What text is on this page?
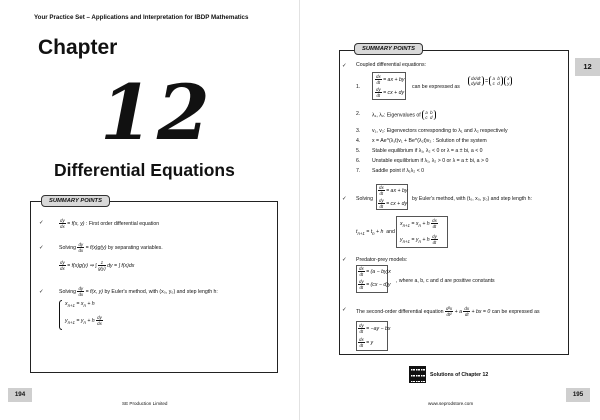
Your Practice Set – Applications and Interpretation for IBDP Mathematics
Chapter
12
Differential Equations
SUMMARY POINTS
✓	$\frac{dy}{dx} = f(x$, y) : First order differential equation
✓	Solving $\frac{dy}{dx} = f(x)g(y)$ by separating variables.
$\frac{dy}{dx} = f(x)g(y)$ ⇒ ∫ $\frac{1}{g(y)}$ dy = ∫ f(x)dx
✓	Solving $\frac{dy}{dx} = f(x$, y) by Euler's method, with (x₀, y₀) and step length h:
$x_{n+1} = x_n + h$
$y_{n+1} = y_n + h \frac{dy}{dx}$
194
SE Production Limited
12
SUMMARY POINTS
✓ Coupled differential equations:
1.
$\frac{dx}{dt}$ = ax + by
$\frac{dy}{dt}$ = cx + dy
can be expressed as
dx/dt
dy/dt = a  b
c  d x
y
2. λ₁, λ₂: Eigenvalues of a  b
c  d
3. v₁, v₂: Eigenvectors corresponding to λ₁ and λ₂ respectively
4. x = Ae^(λ₁t)v₁ + Be^(λ₂t)v₂ : Solution of the system
5. Stable equilibrium if λ₁, λ₂ < 0 or λ = a ± bi, a < 0
6. Unstable equilibrium if λ₁, λ₂ > 0 or λ = a ± bi, a > 0
7. Saddle point if λ₁λ₂ < 0
✓ Solving
$\frac{dx}{dt}$ = ax + by
$\frac{dy}{dt}$ = cx + dy
by Euler's method, with (t₀, x₀, y₀) and step length h:
$t_{n+1} = t_n + h$  and
$x_{n+1} = x_n + h \frac{dx}{dt}$
$y_{n+1} = y_n + h \frac{dy}{dt}$
✓ Predator-prey models:
$\frac{dx}{dt} = (a - by)x$
$\frac{dy}{dt} = (cx - d)y$
, where a, b, c and d are positive constants
✓ The second-order differential equation $\frac{\text{d²x}}{\text{dt²}} + a \frac{dx}{dt}$ + bx = 0 can be expressed as
$\frac{dy}{dt} = -ay$ − bx
$\frac{dx}{dt} = y$
Solutions of Chapter 12
195
www.seprodstore.com
